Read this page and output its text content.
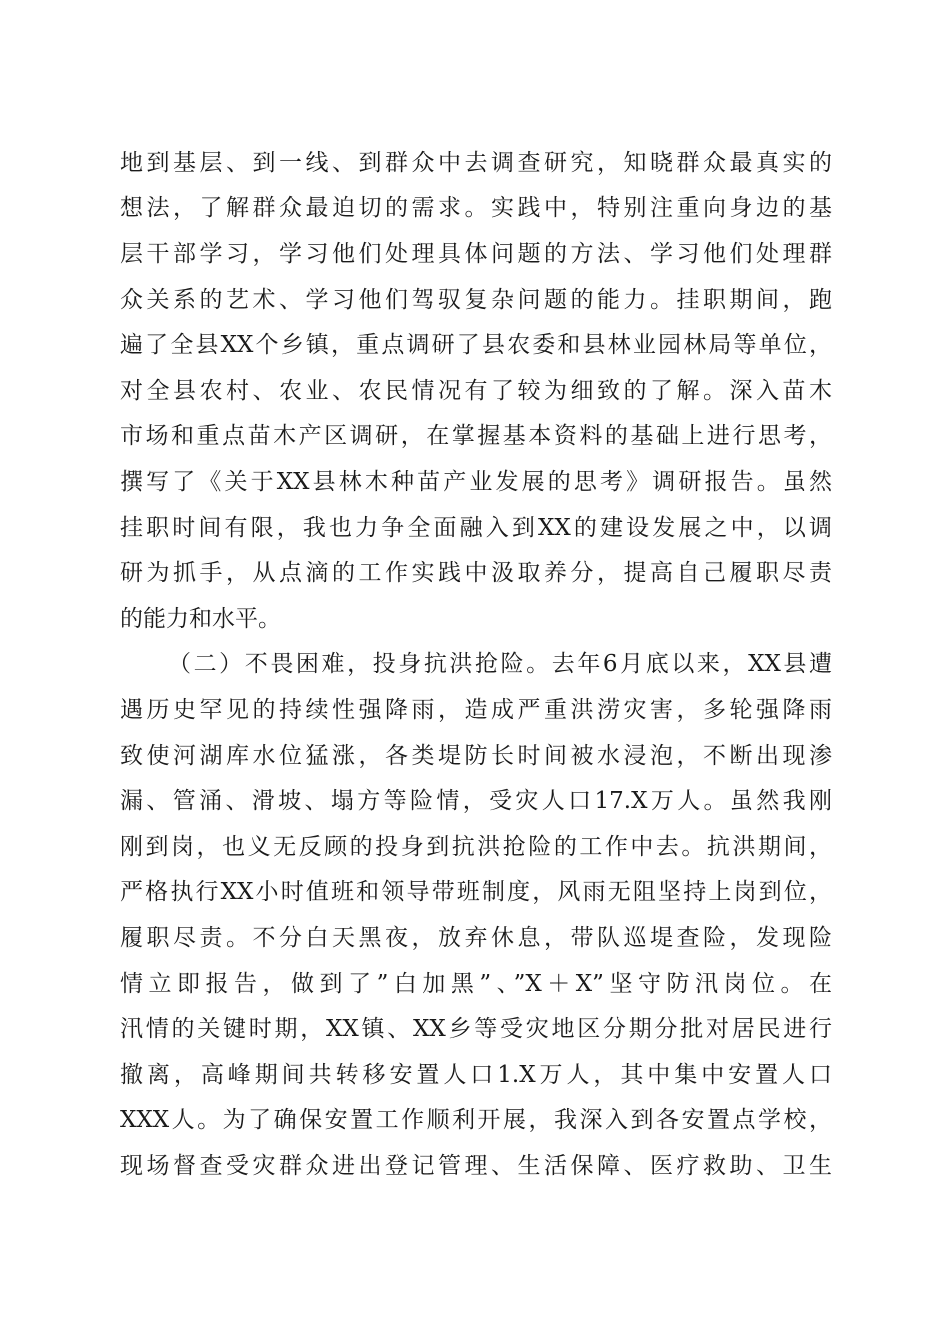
地到基层、到一线、到群众中去调查研究，知晓群众最真实的
想法，了解群众最迫切的需求。实践中，特别注重向身边的基
层干部学习，学习他们处理具体问题的方法、学习他们处理群
众关系的艺术、学习他们驾驭复杂问题的能力。挂职期间，跑
遍了全县XX个乡镇，重点调研了县农委和县林业园林局等单位，
对全县农村、农业、农民情况有了较为细致的了解。深入苗木
市场和重点苗木产区调研，在掌握基本资料的基础上进行思考，
撰写了《关于XX县林木种苗产业发展的思考》调研报告。虽然
挂职时间有限，我也力争全面融入到XX的建设发展之中，以调
研为抓手，从点滴的工作实践中汲取养分，提高自己履职尽责
的能力和水平。
（二）不畏困难，投身抗洪抢险。去年6月底以来，XX县遭
遇历史罕见的持续性强降雨，造成严重洪涝灾害，多轮强降雨
致使河湖库水位猛涨，各类堤防长时间被水浸泡，不断出现渗
漏、管涌、滑坡、塌方等险情，受灾人口17.X万人。虽然我刚
刚到岗，也义无反顾的投身到抗洪抢险的工作中去。抗洪期间，
严格执行XX小时值班和领导带班制度，风雨无阻坚持上岗到位，
履职尽责。不分白天黑夜，放弃休息，带队巡堤查险，发现险
情立即报告，做到了”白加黑”、”X＋X”坚守防汛岗位。在
汛情的关键时期，XX镇、XX乡等受灾地区分期分批对居民进行
撤离，高峰期间共转移安置人口1.X万人，其中集中安置人口
XXX人。为了确保安置工作顺利开展，我深入到各安置点学校，
现场督查受灾群众进出登记管理、生活保障、医疗救助、卫生
